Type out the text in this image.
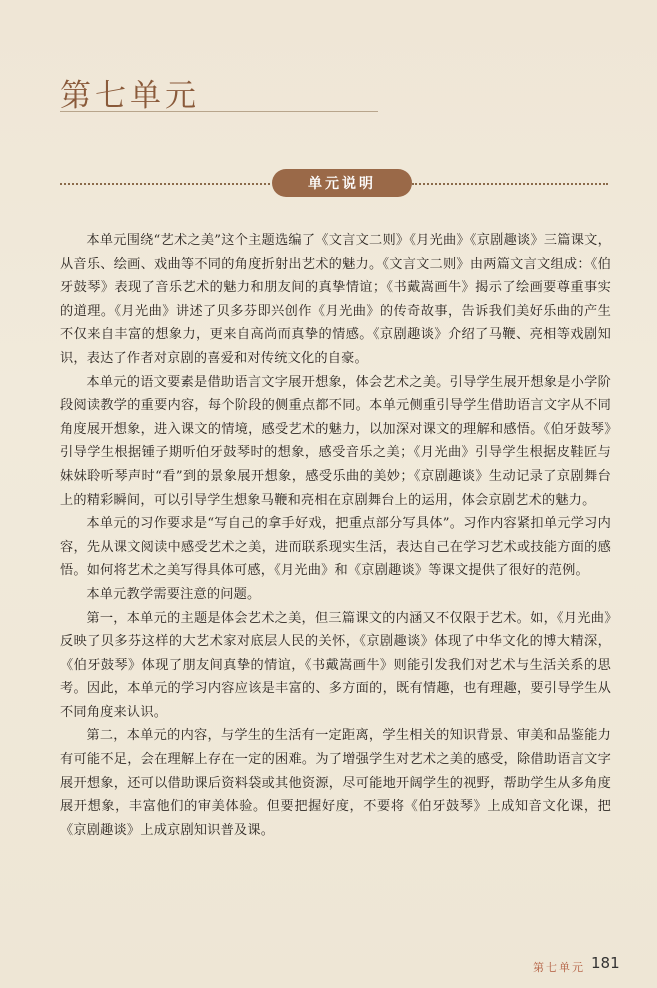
第七单元
单元说明

本单元围绕“艺术之美”这个主题选编了《文言文二则》《月光曲》《京剧趣谈》三篇课文，从音乐、绘画、戏曲等不同的角度折射出艺术的魅力。《文言文二则》由两篇文言文组成：《伯牙鼓琴》表现了音乐艺术的魅力和朋友间的真挚情谊；《书戴嵩画牛》揭示了绘画要尊重事实的道理。《月光曲》讲述了贝多芬即兴创作《月光曲》的传奇故事，告诉我们美好乐曲的产生不仅来自丰富的想象力，更来自高尚而真挚的情感。《京剧趣谈》介绍了马鞭、亮相等戏剧知识，表达了作者对京剧的喜爱和对传统文化的自豪。

本单元的语文要素是借助语言文字展开想象，体会艺术之美。引导学生展开想象是小学阶段阅读教学的重要内容，每个阶段的侧重点都不同。本单元侧重引导学生借助语言文字从不同角度展开想象，进入课文的情境，感受艺术的魅力，以加深对课文的理解和感悟。《伯牙鼓琴》引导学生根据锺子期听伯牙鼓琴时的想象，感受音乐之美；《月光曲》引导学生根据皮鞋匠与妹妹聆听琴声时“看”到的景象展开想象，感受乐曲的美妙；《京剧趣谈》生动记录了京剧舞台上的精彩瞬间，可以引导学生想象马鞭和亮相在京剧舞台上的运用，体会京剧艺术的魅力。

本单元的习作要求是“写自己的拿手好戏，把重点部分写具体”。习作内容紧扣单元学习内容，先从课文阅读中感受艺术之美，进而联系现实生活，表达自己在学习艺术或技能方面的感悟。如何将艺术之美写得具体可感，《月光曲》和《京剧趣谈》等课文提供了很好的范例。

本单元教学需要注意的问题。

第一，本单元的主题是体会艺术之美，但三篇课文的内涵又不仅限于艺术。如，《月光曲》反映了贝多芬这样的大艺术家对底层人民的关怀，《京剧趣谈》体现了中华文化的博大精深，《伯牙鼓琴》体现了朋友间真挚的情谊，《书戴嵩画牛》则能引发我们对艺术与生活关系的思考。因此，本单元的学习内容应该是丰富的、多方面的，既有情趣，也有理趣，要引导学生从不同角度来认识。

第二，本单元的内容，与学生的生活有一定距离，学生相关的知识背景、审美和品鉴能力有可能不足，会在理解上存在一定的困难。为了增强学生对艺术之美的感受，除借助语言文字展开想象，还可以借助课后资料袋或其他资源，尽可能地开阔学生的视野，帮助学生从多角度展开想象，丰富他们的审美体验。但要把握好度，不要将《伯牙鼓琴》上成知音文化课，把《京剧趣谈》上成京剧知识普及课。

第七单元 181
